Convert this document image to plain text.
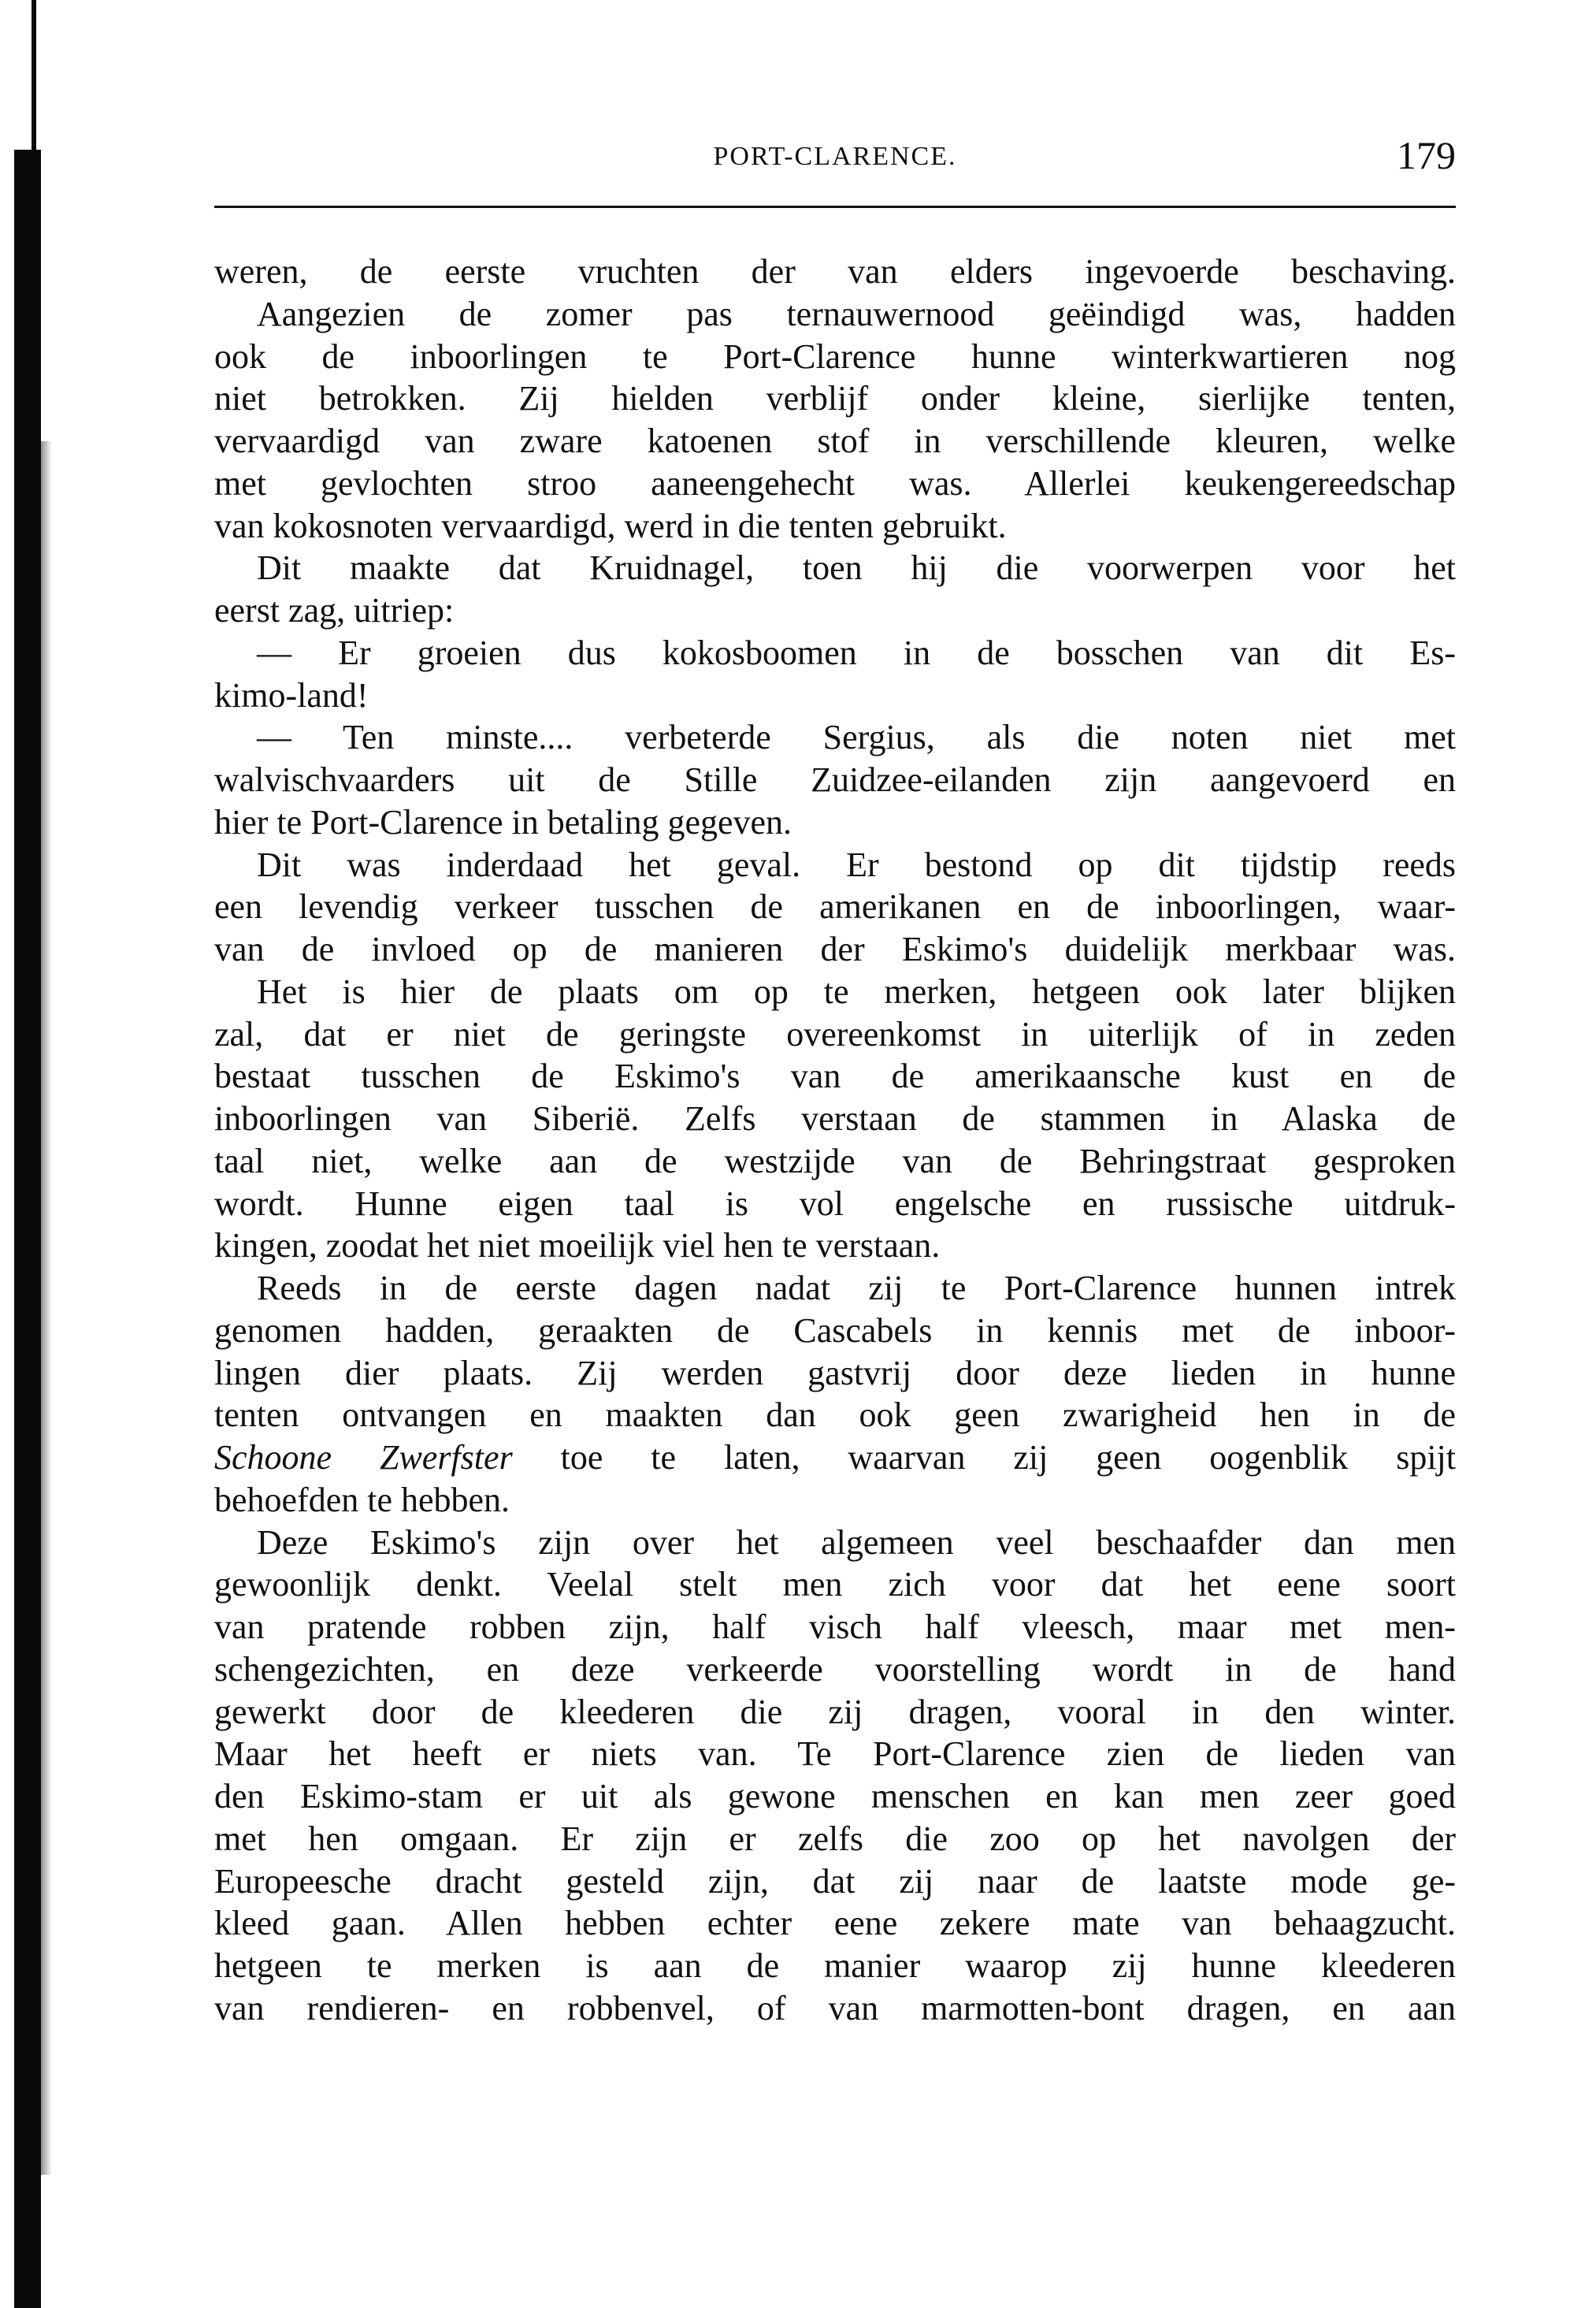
PORT-CLARENCE.	179
weren, de eerste vruchten der van elders ingevoerde beschaving.
Aangezien de zomer pas ternauwernood geëindigd was, hadden
ook de inboorlingen te Port-Clarence hunne winterkwartieren nog
niet betrokken. Zij hielden verblijf onder kleine, sierlijke tenten,
vervaardigd van zware katoenen stof in verschillende kleuren, welke
met gevlochten stroo aaneengehecht was. Allerlei keukengereedschap
van kokosnoten vervaardigd, werd in die tenten gebruikt.
Dit maakte dat Kruidnagel, toen hij die voorwerpen voor het
eerst zag, uitriep:
— Er groeien dus kokosboomen in de bosschen van dit Es-
kimo-land!
— Ten minste.... verbeterde Sergius, als die noten niet met
walvischvaarders uit de Stille Zuidzee-eilanden zijn aangevoerd en
hier te Port-Clarence in betaling gegeven.
Dit was inderdaad het geval. Er bestond op dit tijdstip reeds
een levendig verkeer tusschen de amerikanen en de inboorlingen, waar-
van de invloed op de manieren der Eskimo's duidelijk merkbaar was.
Het is hier de plaats om op te merken, hetgeen ook later blijken
zal, dat er niet de geringste overeenkomst in uiterlijk of in zeden
bestaat tusschen de Eskimo's van de amerikaansche kust en de
inboorlingen van Siberië. Zelfs verstaan de stammen in Alaska de
taal niet, welke aan de westzijde van de Behringstraat gesproken
wordt. Hunne eigen taal is vol engelsche en russische uitdruk-
kingen, zoodat het niet moeilijk viel hen te verstaan.
Reeds in de eerste dagen nadat zij te Port-Clarence hunnen intrek
genomen hadden, geraakten de Cascabels in kennis met de inboor-
lingen dier plaats. Zij werden gastvrij door deze lieden in hunne
tenten ontvangen en maakten dan ook geen zwarigheid hen in de
Schoone Zwerfster toe te laten, waarvan zij geen oogenblik spijt
behoefden te hebben.
Deze Eskimo's zijn over het algemeen veel beschaafder dan men
gewoonlijk denkt. Veelal stelt men zich voor dat het eene soort
van pratende robben zijn, half visch half vleesch, maar met men-
schengezichten, en deze verkeerde voorstelling wordt in de hand
gewerkt door de kleederen die zij dragen, vooral in den winter.
Maar het heeft er niets van. Te Port-Clarence zien de lieden van
den Eskimo-stam er uit als gewone menschen en kan men zeer goed
met hen omgaan. Er zijn er zelfs die zoo op het navolgen der
Europeesche dracht gesteld zijn, dat zij naar de laatste mode ge-
kleed gaan. Allen hebben echter eene zekere mate van behaagzucht.
hetgeen te merken is aan de manier waarop zij hunne kleederen
van rendieren- en robbenvel, of van marmotten-bont dragen, en aan
